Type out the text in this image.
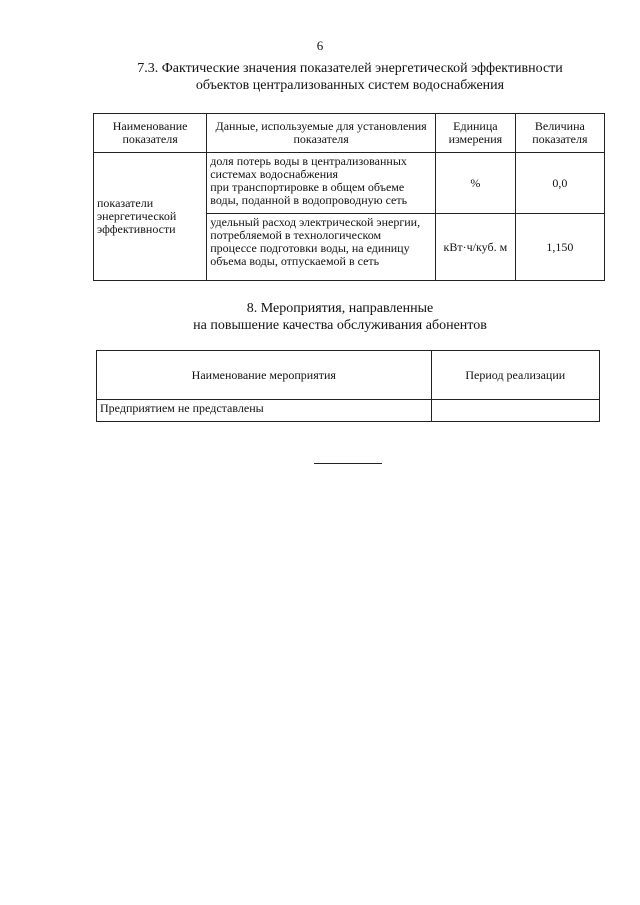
6
7.3. Фактические значения показателей энергетической эффективности
объектов централизованных систем водоснабжения
Наименование показателя	Данные, используемые для установления показателя	Единица измерения	Величина показателя
показатели энергетической эффективности	доля потерь воды в централизованных
системах водоснабжения
при транспортировке в общем объеме
воды, поданной в водопроводную сеть	%	0,0

	удельный расход электрической энергии,
потребляемой в технологическом
процессе подготовки воды, на единицу
объема воды, отпускаемой в сеть	кВт·ч/куб. м	1,150
8. Мероприятия, направленные
на повышение качества обслуживания абонентов
Наименование мероприятия	Период реализации
Предприятием не представлены	
